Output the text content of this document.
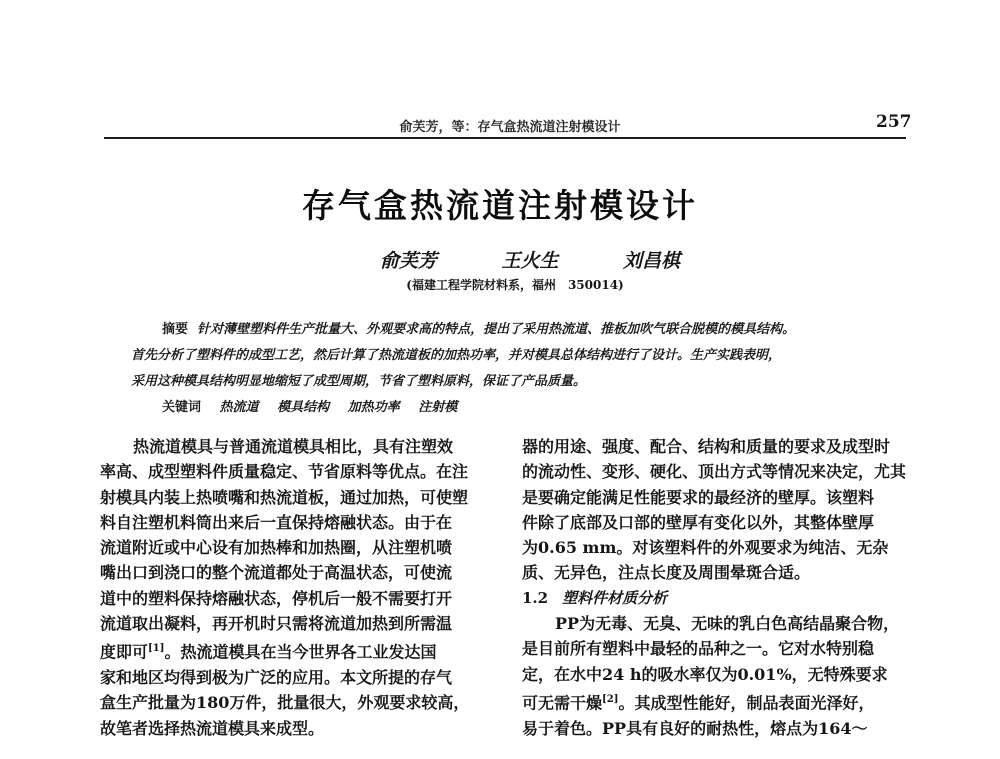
俞芙芳，等：存气盒热流道注射模设计	257
存气盒热流道注射模设计
俞芙芳	王火生	刘昌棋
(福建工程学院材料系，福州　350014)
摘要 针对薄壁塑料件生产批量大、外观要求高的特点，提出了采用热流道、推板加吹气联合脱模的模具结构。
首先分析了塑料件的成型工艺，然后计算了热流道板的加热功率，并对模具总体结构进行了设计。生产实践表明，
采用这种模具结构明显地缩短了成型周期，节省了塑料原料，保证了产品质量。
关键词 热流道 模具结构 加热功率 注射模
热流道模具与普通流道模具相比，具有注塑效
率高、成型塑料件质量稳定、节省原料等优点。在注
射模具内装上热喷嘴和热流道板，通过加热，可使塑
料自注塑机料筒出来后一直保持熔融状态。由于在
流道附近或中心设有加热棒和加热圈，从注塑机喷
嘴出口到浇口的整个流道都处于高温状态，可使流
道中的塑料保持熔融状态，停机后一般不需要打开
流道取出凝料，再开机时只需将流道加热到所需温
度即可[1]。热流道模具在当今世界各工业发达国
家和地区均得到极为广泛的应用。本文所提的存气
盒生产批量为180万件，批量很大，外观要求较高，
故笔者选择热流道模具来成型。
器的用途、强度、配合、结构和质量的要求及成型时
的流动性、变形、硬化、顶出方式等情况来决定，尤其
是要确定能满足性能要求的最经济的壁厚。该塑料
件除了底部及口部的壁厚有变化以外，其整体壁厚
为0.65 mm。对该塑料件的外观要求为纯洁、无杂
质、无异色，注点长度及周围晕斑合适。
1.2 塑料件材质分析
PP为无毒、无臭、无味的乳白色高结晶聚合物，
是目前所有塑料中最轻的品种之一。它对水特别稳
定，在水中24 h的吸水率仅为0.01%，无特殊要求
可无需干燥[2]。其成型性能好，制品表面光泽好，
易于着色。PP具有良好的耐热性，熔点为164～
